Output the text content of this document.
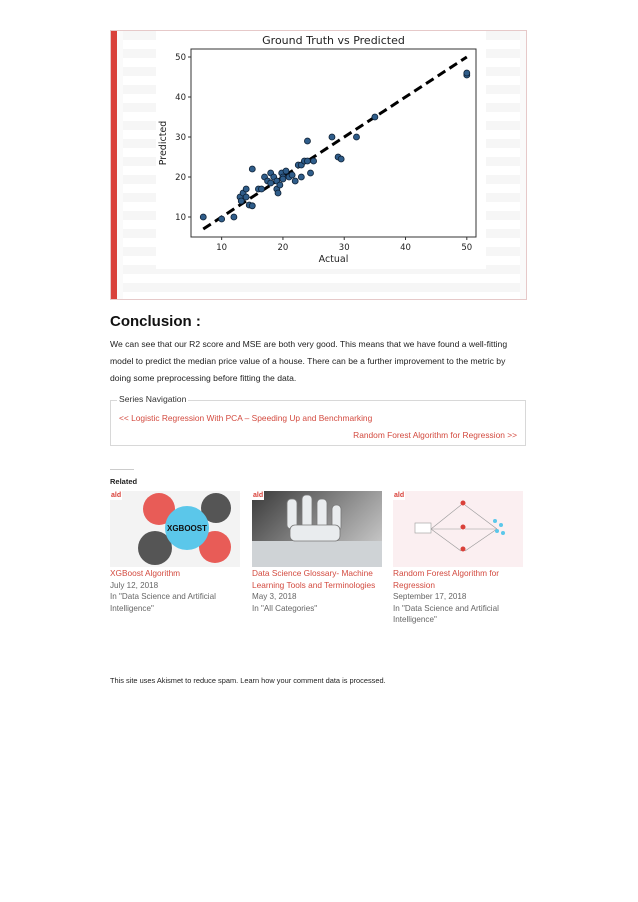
Ground Truth vs Predicted
Actual
Predicted
10	20	30	40	50
10
20
30
40
50
Conclusion :
We can see that our R2 score and MSE are both very good. This means that we have found a well-fitting model to predict the median price value of a house. There can be a further improvement to the metric by doing some preprocessing before fitting the data.
Series Navigation
<< Logistic Regression With PCA – Speeding Up and Benchmarking
Random Forest Algorithm for Regression >>
Related
XGBOOST
ald
XGBoost Algorithm
July 12, 2018
In "Data Science and Artificial Intelligence"
ald
Data Science Glossary- Machine Learning Tools and Terminologies
May 3, 2018
In "All Categories"
ald
Random Forest Algorithm for Regression
September 17, 2018
In "Data Science and Artificial Intelligence"
This site uses Akismet to reduce spam. Learn how your comment data is processed.
